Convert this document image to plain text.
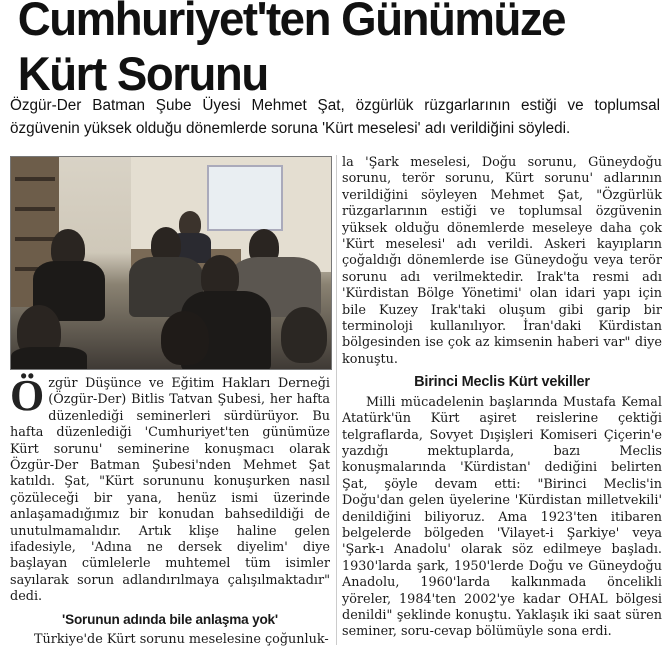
Cumhuriyet'ten Günümüze Kürt Sorunu
Özgür-Der Batman Şube Üyesi Mehmet Şat, özgürlük rüzgarlarının estiği ve toplumsal özgüvenin yüksek olduğu dönemlerde soruna 'Kürt meselesi' adı verildiğini söyledi.

Özgür Düşünce ve Eğitim Hakları Derneği (Özgür-Der) Bitlis Tatvan Şubesi, her hafta düzenlediği seminerleri sürdürüyor. Bu hafta düzenlediği 'Cumhuriyet'ten günümüze Kürt sorunu' seminerine konuşmacı olarak Özgür-Der Batman Şubesi'nden Mehmet Şat katıldı. Şat, "Kürt sorununu konuşurken nasıl çözüleceği bir yana, henüz ismi üzerinde anlaşamadığımız bir konudan bahsedildiği de unutulmamalıdır. Artık klişe haline gelen ifadesiyle, 'Adına ne dersek diyelim' diye başlayan cümlelerle muhtemel tüm isimler sayılarak sorun adlandırılmaya çalışılmaktadır" dedi.

'Sorunun adında bile anlaşma yok'

Türkiye'de Kürt sorunu meselesine çoğunluk-

la 'Şark meselesi, Doğu sorunu, Güneydoğu sorunu, terör sorunu, Kürt sorunu' adlarının verildiğini söyleyen Mehmet Şat, "Özgürlük rüzgarlarının estiği ve toplumsal özgüvenin yüksek olduğu dönemlerde meseleye daha çok 'Kürt meselesi' adı verildi. Askeri kayıpların çoğaldığı dönemlerde ise Güneydoğu veya terör sorunu adı verilmektedir. Irak'ta resmi adı 'Kürdistan Bölge Yönetimi' olan idari yapı için bile Kuzey Irak'taki oluşum gibi garip bir terminoloji kullanılıyor. İran'daki Kürdistan bölgesinden ise çok az kimsenin haberi var" diye konuştu.

Birinci Meclis Kürt vekiller

Milli mücadelenin başlarında Mustafa Kemal Atatürk'ün Kürt aşiret reislerine çektiği telgraflarda, Sovyet Dışişleri Komiseri Çiçerin'e yazdığı mektuplarda, bazı Meclis konuşmalarında 'Kürdistan' dediğini belirten Şat, şöyle devam etti: "Birinci Meclis'in Doğu'dan gelen üyelerine 'Kürdistan milletvekili' denildiğini biliyoruz. Ama 1923'ten itibaren belgelerde bölgeden 'Vilayet-i Şarkiye' veya 'Şark-ı Anadolu' olarak söz edilmeye başladı. 1930'larda şark, 1950'lerde Doğu ve Güneydoğu Anadolu, 1960'larda kalkınmada öncelikli yöreler, 1984'ten 2002'ye kadar OHAL bölgesi denildi" şeklinde konuştu. Yaklaşık iki saat süren seminer, soru-cevap bölümüyle sona erdi.
